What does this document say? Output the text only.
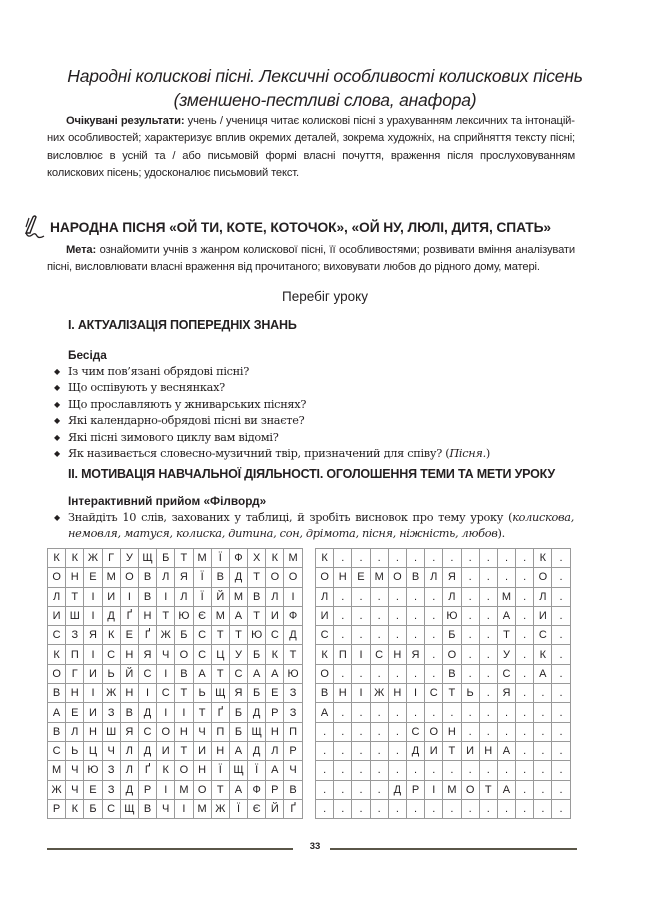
Народні колискові пісні. Лексичні особливості колискових пісень
(зменшено-пестливі слова, анафора)
Очікувані результати: учень / учениця читає колискові пісні з урахуванням лексичних та інтонаційних особливостей; характеризує вплив окремих деталей, зокрема художніх, на сприйняття тексту пісні; висловлює в усній та / або письмовій формі власні почуття, враження після прослуховуванням колискових пісень; удосконалює письмовий текст.
НАРОДНА ПІСНЯ «ОЙ ТИ, КОТЕ, КОТОЧОК», «ОЙ НУ, ЛЮЛІ, ДИТЯ, СПАТЬ»
Мета: ознайомити учнів з жанром колискової пісні, її особливостями; розвивати вміння аналізувати пісні, висловлювати власні враження від прочитаного; виховувати любов до рідного дому, матері.
Перебіг уроку
І. АКТУАЛІЗАЦІЯ ПОПЕРЕДНІХ ЗНАНЬ
Бесіда
◆ Із чим пов’язані обрядові пісні?
◆ Що оспівують у веснянках?
◆ Що прославляють у жниварських піснях?
◆ Які календарно-обрядові пісні ви знаєте?
◆ Які пісні зимового циклу вам відомі?
◆ Як називається словесно-музичний твір, призначений для співу? (Пісня.)
ІІ. МОТИВАЦІЯ НАВЧАЛЬНОЇ ДІЯЛЬНОСТІ. ОГОЛОШЕННЯ ТЕМИ ТА МЕТИ УРОКУ
Інтерактивний прийом «Філворд»
◆ Знайдіть 10 слів, захованих у таблиці, й зробіть висновок про тему уроку (колискова, немовля, матуся, колиска, дитина, сон, дрімота, пісня, ніжність, любов).
К	К	Ж	Г	У	Щ	Б	Т	М	Ї	Ф	Х	К	М
О	Н	Е	М	О	В	Л	Я	Ї	В	Д	Т	О	О
Л	Т	І	И	І	В	І	Л	Ї	Й	М	В	Л	І
И	Ш	І	Д	Ґ	Н	Т	Ю	Є	М	А	Т	И	Ф
С	З	Я	К	Е	Ґ	Ж	Б	С	Т	Т	Ю	С	Д
К	П	І	С	Н	Я	Ч	О	С	Ц	У	Б	К	Т
О	Г	И	Ь	Й	С	І	В	А	Т	С	А	А	Ю
В	Н	І	Ж	Н	І	С	Т	Ь	Щ	Я	Б	Е	З
А	Е	И	З	В	Д	І	І	Т	Ґ	Б	Д	Р	З
В	Л	Н	Ш	Я	С	О	Н	Ч	П	Б	Щ	Н	П
С	Ь	Ц	Ч	Л	Д	И	Т	И	Н	А	Д	Л	Р
М	Ч	Ю	З	Л	Ґ	К	О	Н	Ї	Щ	Ї	А	Ч
Ж	Ч	Е	З	Д	Р	І	М	О	Т	А	Ф	Р	В
Р	К	Б	С	Щ	В	Ч	І	М	Ж	Ї	Є	Й	Ґ
К	.	.	.	.	.	.	.	.	.	.	.	К	.
О	Н	Е	М	О	В	Л	Я	.	.	.	.	О	.
Л	.	.	.	.	.	.	Л	.	.	М	.	Л	.
И	.	.	.	.	.	.	Ю	.	.	А	.	И	.
С	.	.	.	.	.	.	Б	.	.	Т	.	С	.
К	П	І	С	Н	Я	.	О	.	.	У	.	К	.
О	.	.	.	.	.	.	В	.	.	С	.	А	.
В	Н	І	Ж	Н	І	С	Т	Ь	.	Я	.	.	.
А	.	.	.	.	.	.	.	.	.	.	.	.	.
.	.	.	.	.	С	О	Н	.	.	.	.	.	.
.	.	.	.	.	Д	И	Т	И	Н	А	.	.	.
.	.	.	.	.	.	.	.	.	.	.	.	.	.
.	.	.	.	Д	Р	І	М	О	Т	А	.	.	.
.	.	.	.	.	.	.	.	.	.	.	.	.	.
33
